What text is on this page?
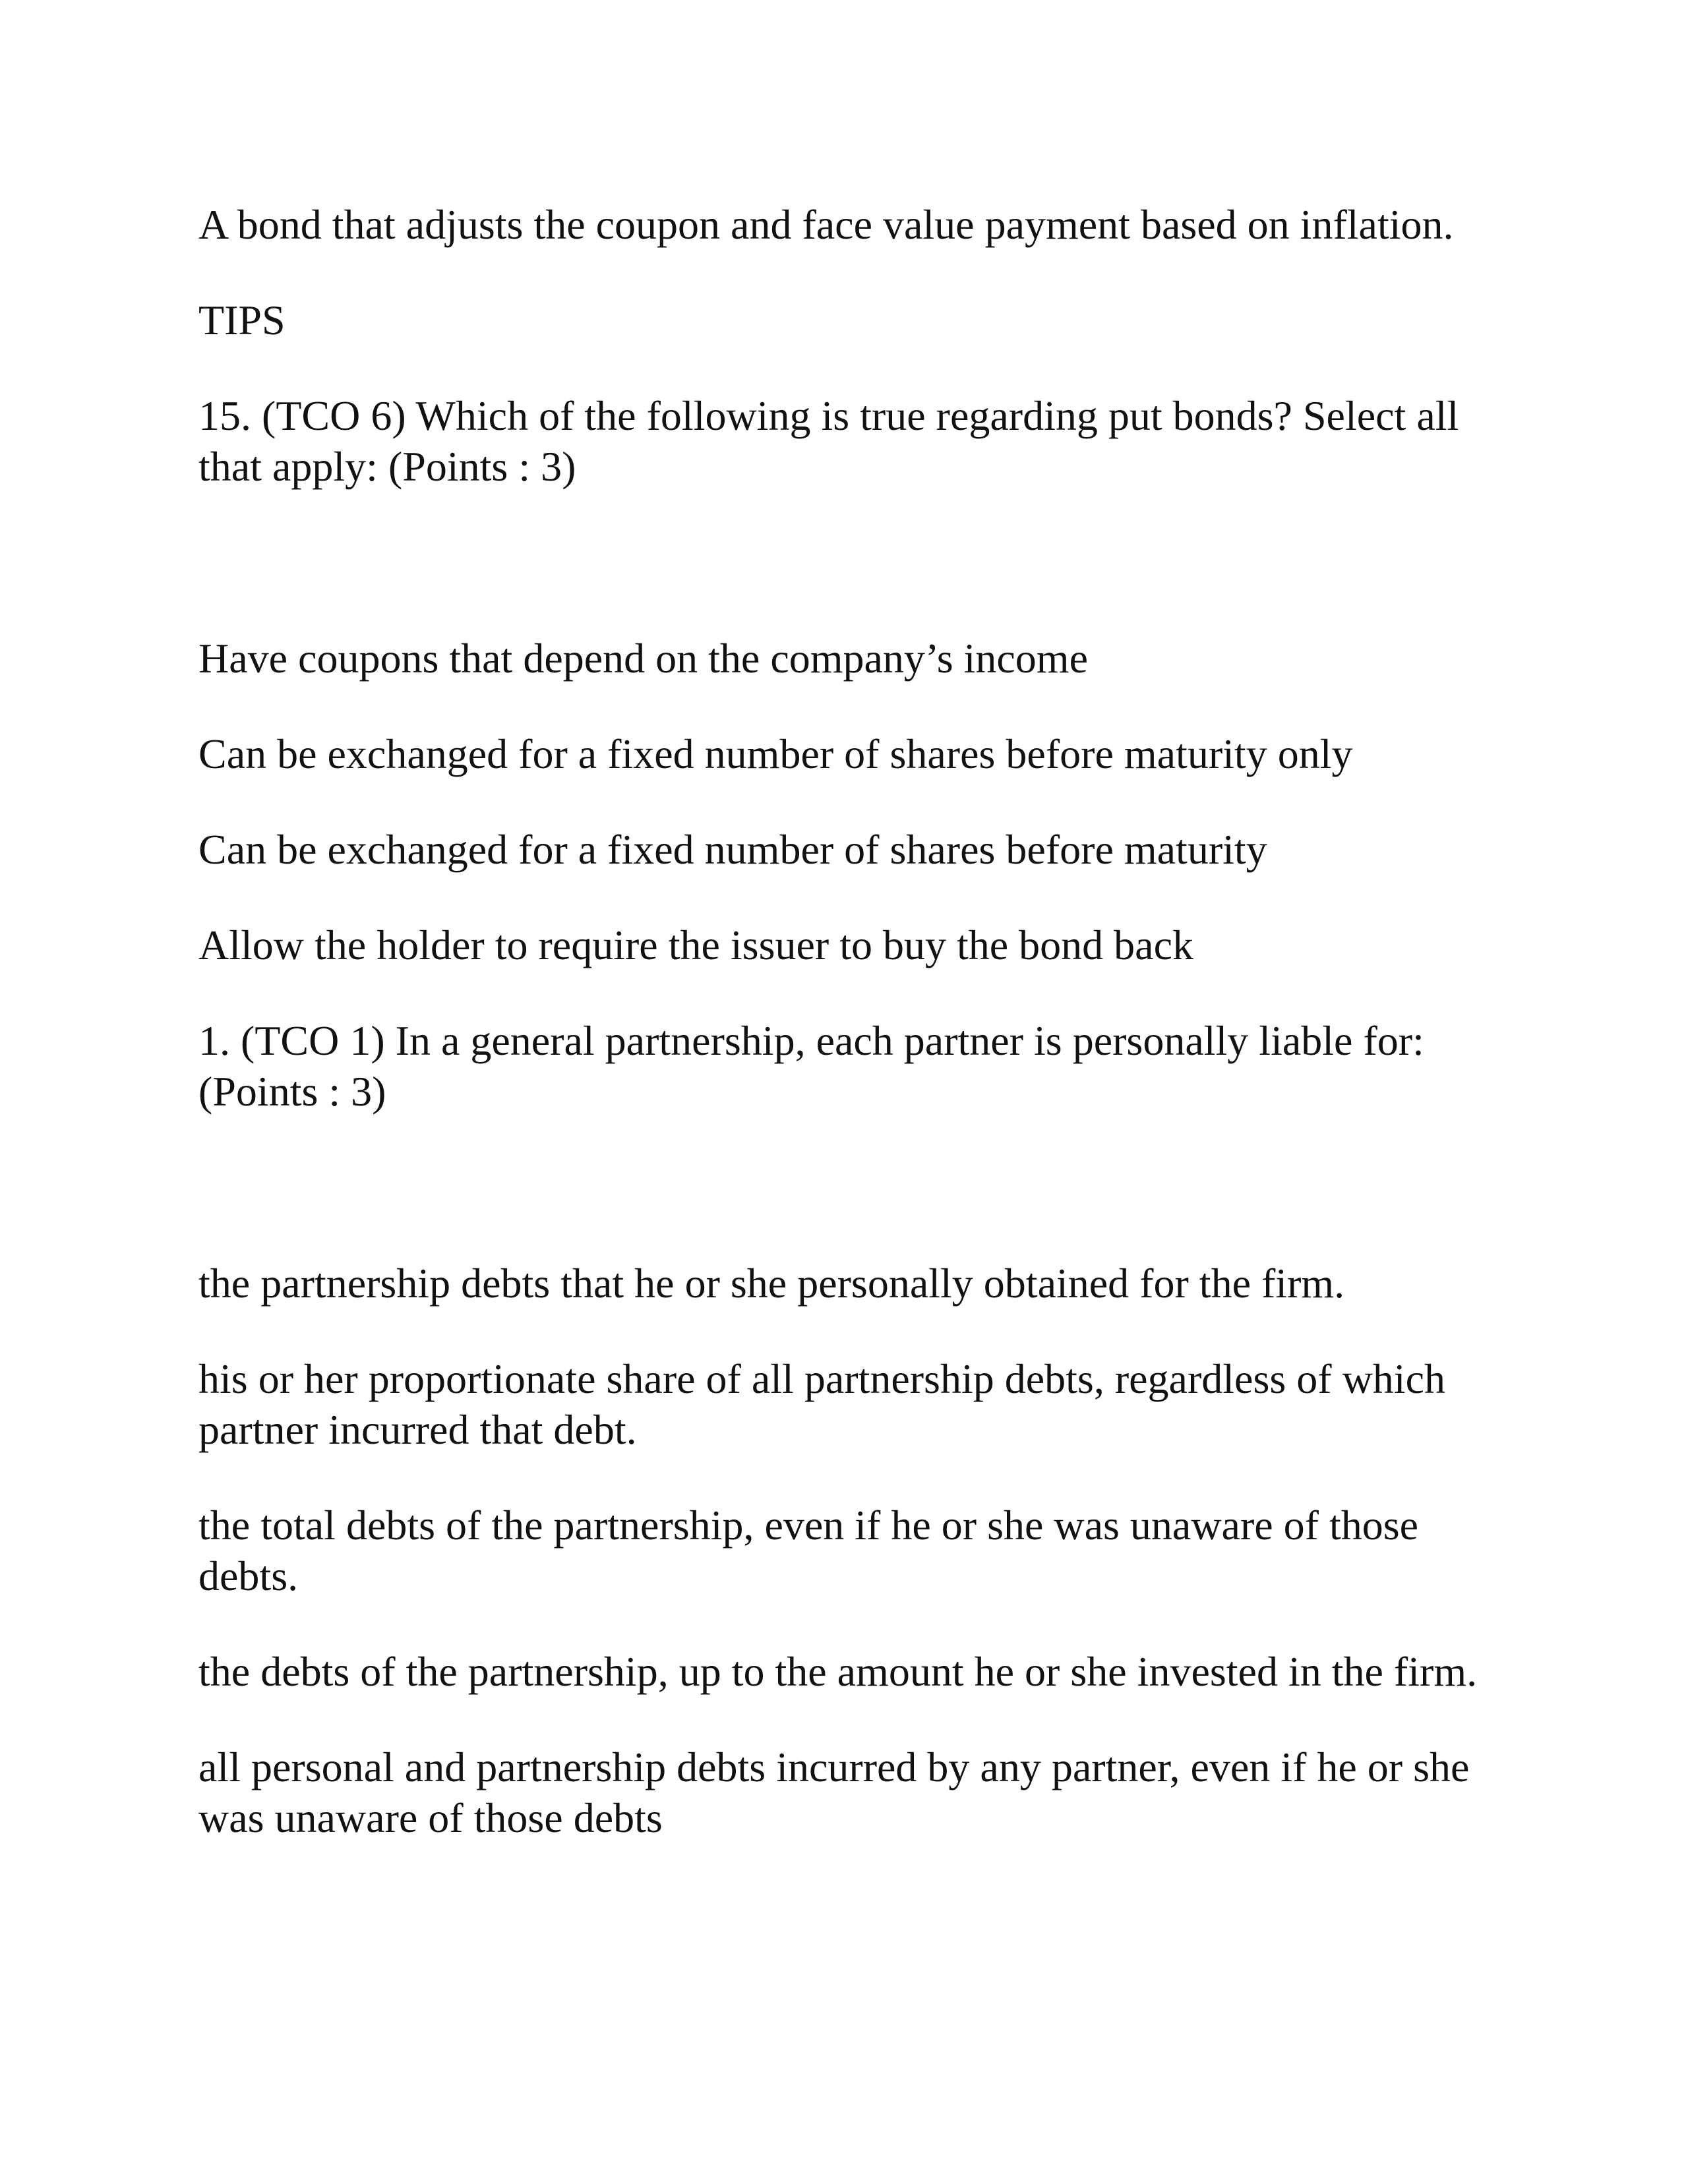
A bond that adjusts the coupon and face value payment based on inflation.

TIPS

15. (TCO 6) Which of the following is true regarding put bonds? Select all that apply: (Points : 3)

Have coupons that depend on the company’s income

Can be exchanged for a fixed number of shares before maturity only

Can be exchanged for a fixed number of shares before maturity

Allow the holder to require the issuer to buy the bond back

1. (TCO 1) In a general partnership, each partner is personally liable for: (Points : 3)

the partnership debts that he or she personally obtained for the firm.

his or her proportionate share of all partnership debts, regardless of which partner incurred that debt.

the total debts of the partnership, even if he or she was unaware of those debts.

the debts of the partnership, up to the amount he or she invested in the firm.

all personal and partnership debts incurred by any partner, even if he or she was unaware of those debts
